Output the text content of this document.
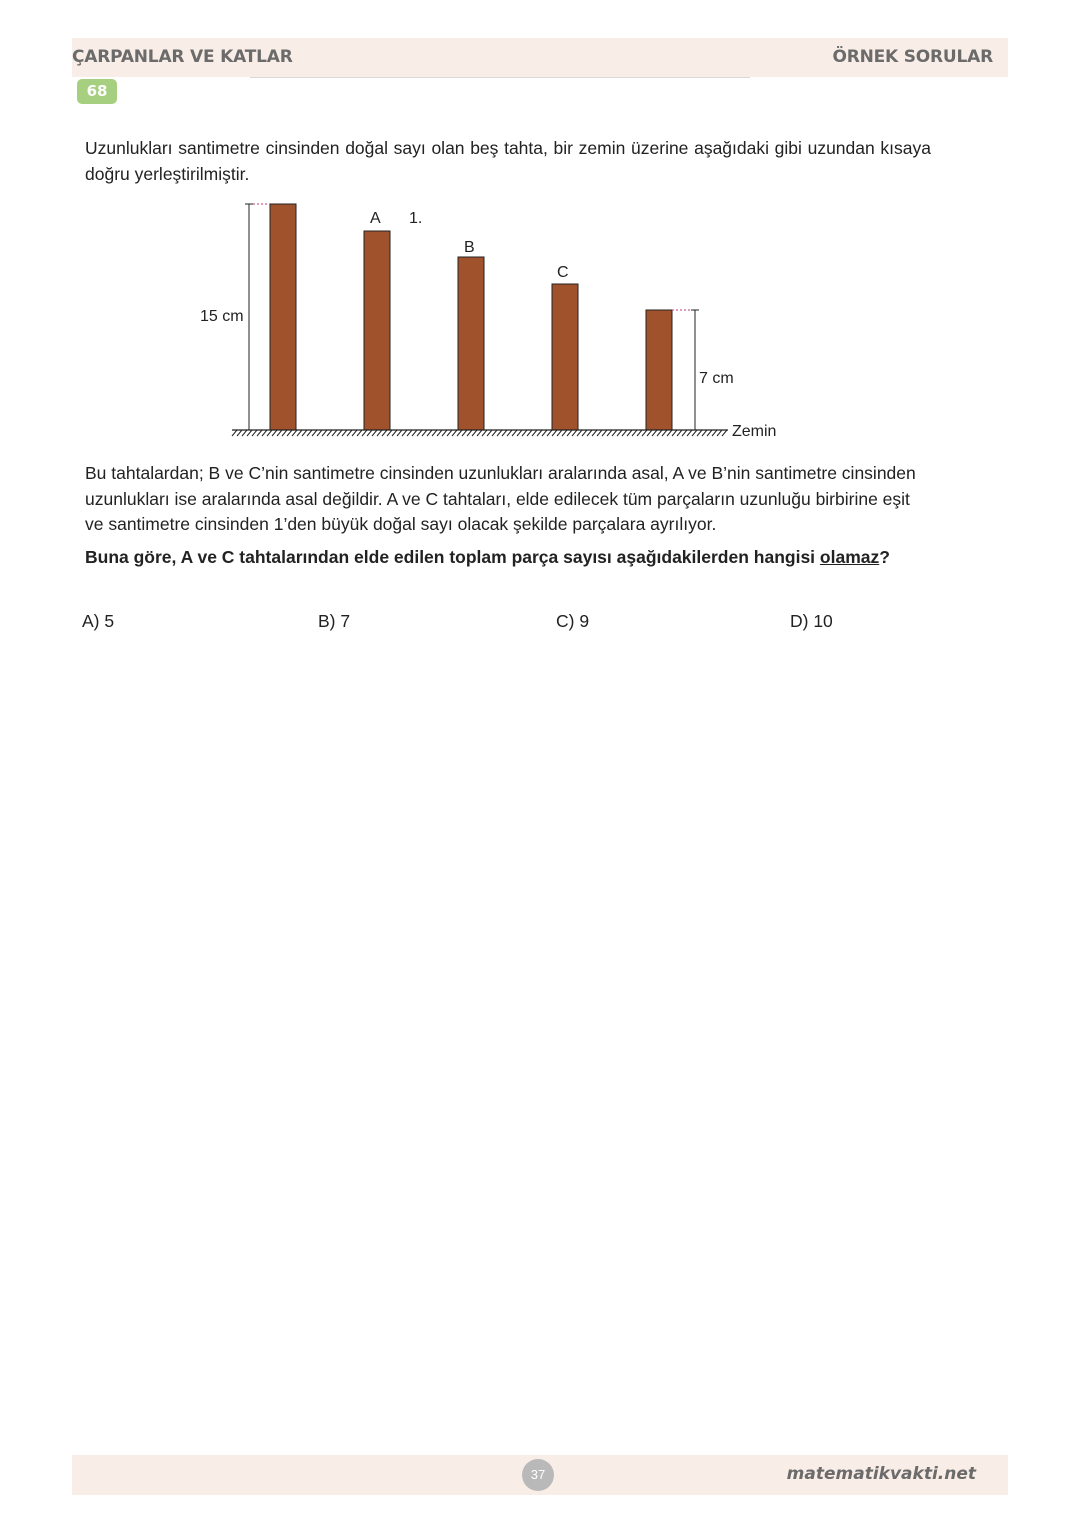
ÇARPANLAR VE KATLAR	ÖRNEK SORULAR
68
Uzunlukları santimetre cinsinden doğal sayı olan beş tahta, bir zemin üzerine aşağıdaki gibi uzundan kısaya doğru yerleştirilmiştir.
A 1.
B
C
15 cm
7 cm
Zemin
Bu tahtalardan; B ve C’nin santimetre cinsinden uzunlukları aralarında asal, A ve B’nin santimetre cinsinden uzunlukları ise aralarında asal değildir. A ve C tahtaları, elde edilecek tüm parçaların uzunluğu birbirine eşit ve santimetre cinsinden 1’den büyük doğal sayı olacak şekilde parçalara ayrılıyor.
Buna göre, A ve C tahtalarından elde edilen toplam parça sayısı aşağıdakilerden hangisi olamaz?
A) 5	B) 7	C) 9	D) 10
37	matematikvakti.net
